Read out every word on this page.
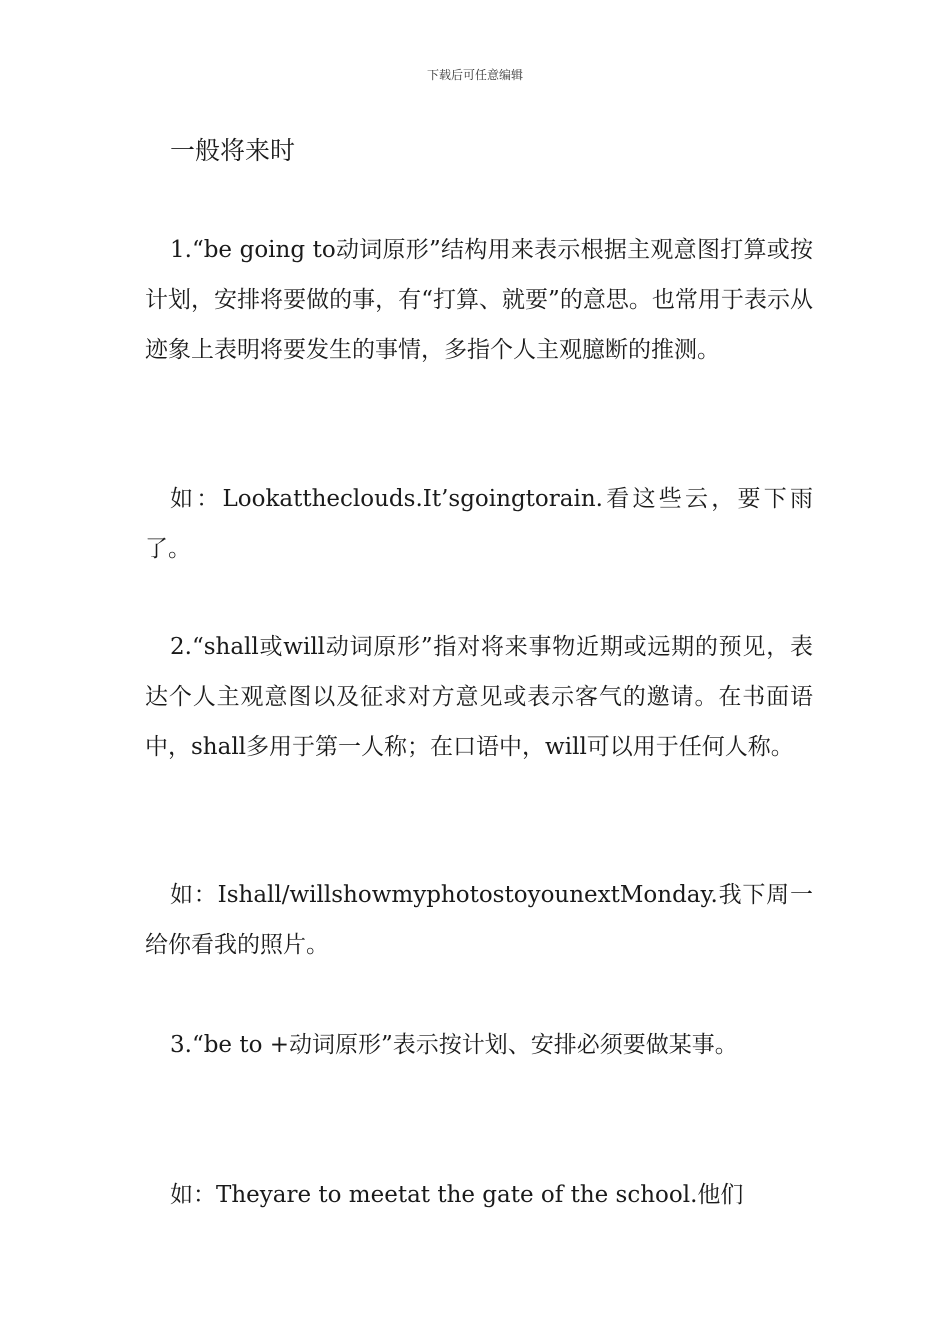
下载后可任意编辑
一般将来时

1.“be going to动词原形”结构用来表示根据主观意图打算或按计划，安排将要做的事，有“打算、就要”的意思。也常用于表示从迹象上表明将要发生的事情，多指个人主观臆断的推测。

如：Lookattheclouds.It’sgoingtorain.看这些云，要下雨了。

2.“shall或will动词原形”指对将来事物近期或远期的预见，表达个人主观意图以及征求对方意见或表示客气的邀请。在书面语中，shall多用于第一人称；在口语中，will可以用于任何人称。

如：Ishall/willshowmyphotostoyounextMonday.我下周一给你看我的照片。

3.“be to +动词原形”表示按计划、安排必须要做某事。

如：Theyare to meetat the gate of the school.他们
